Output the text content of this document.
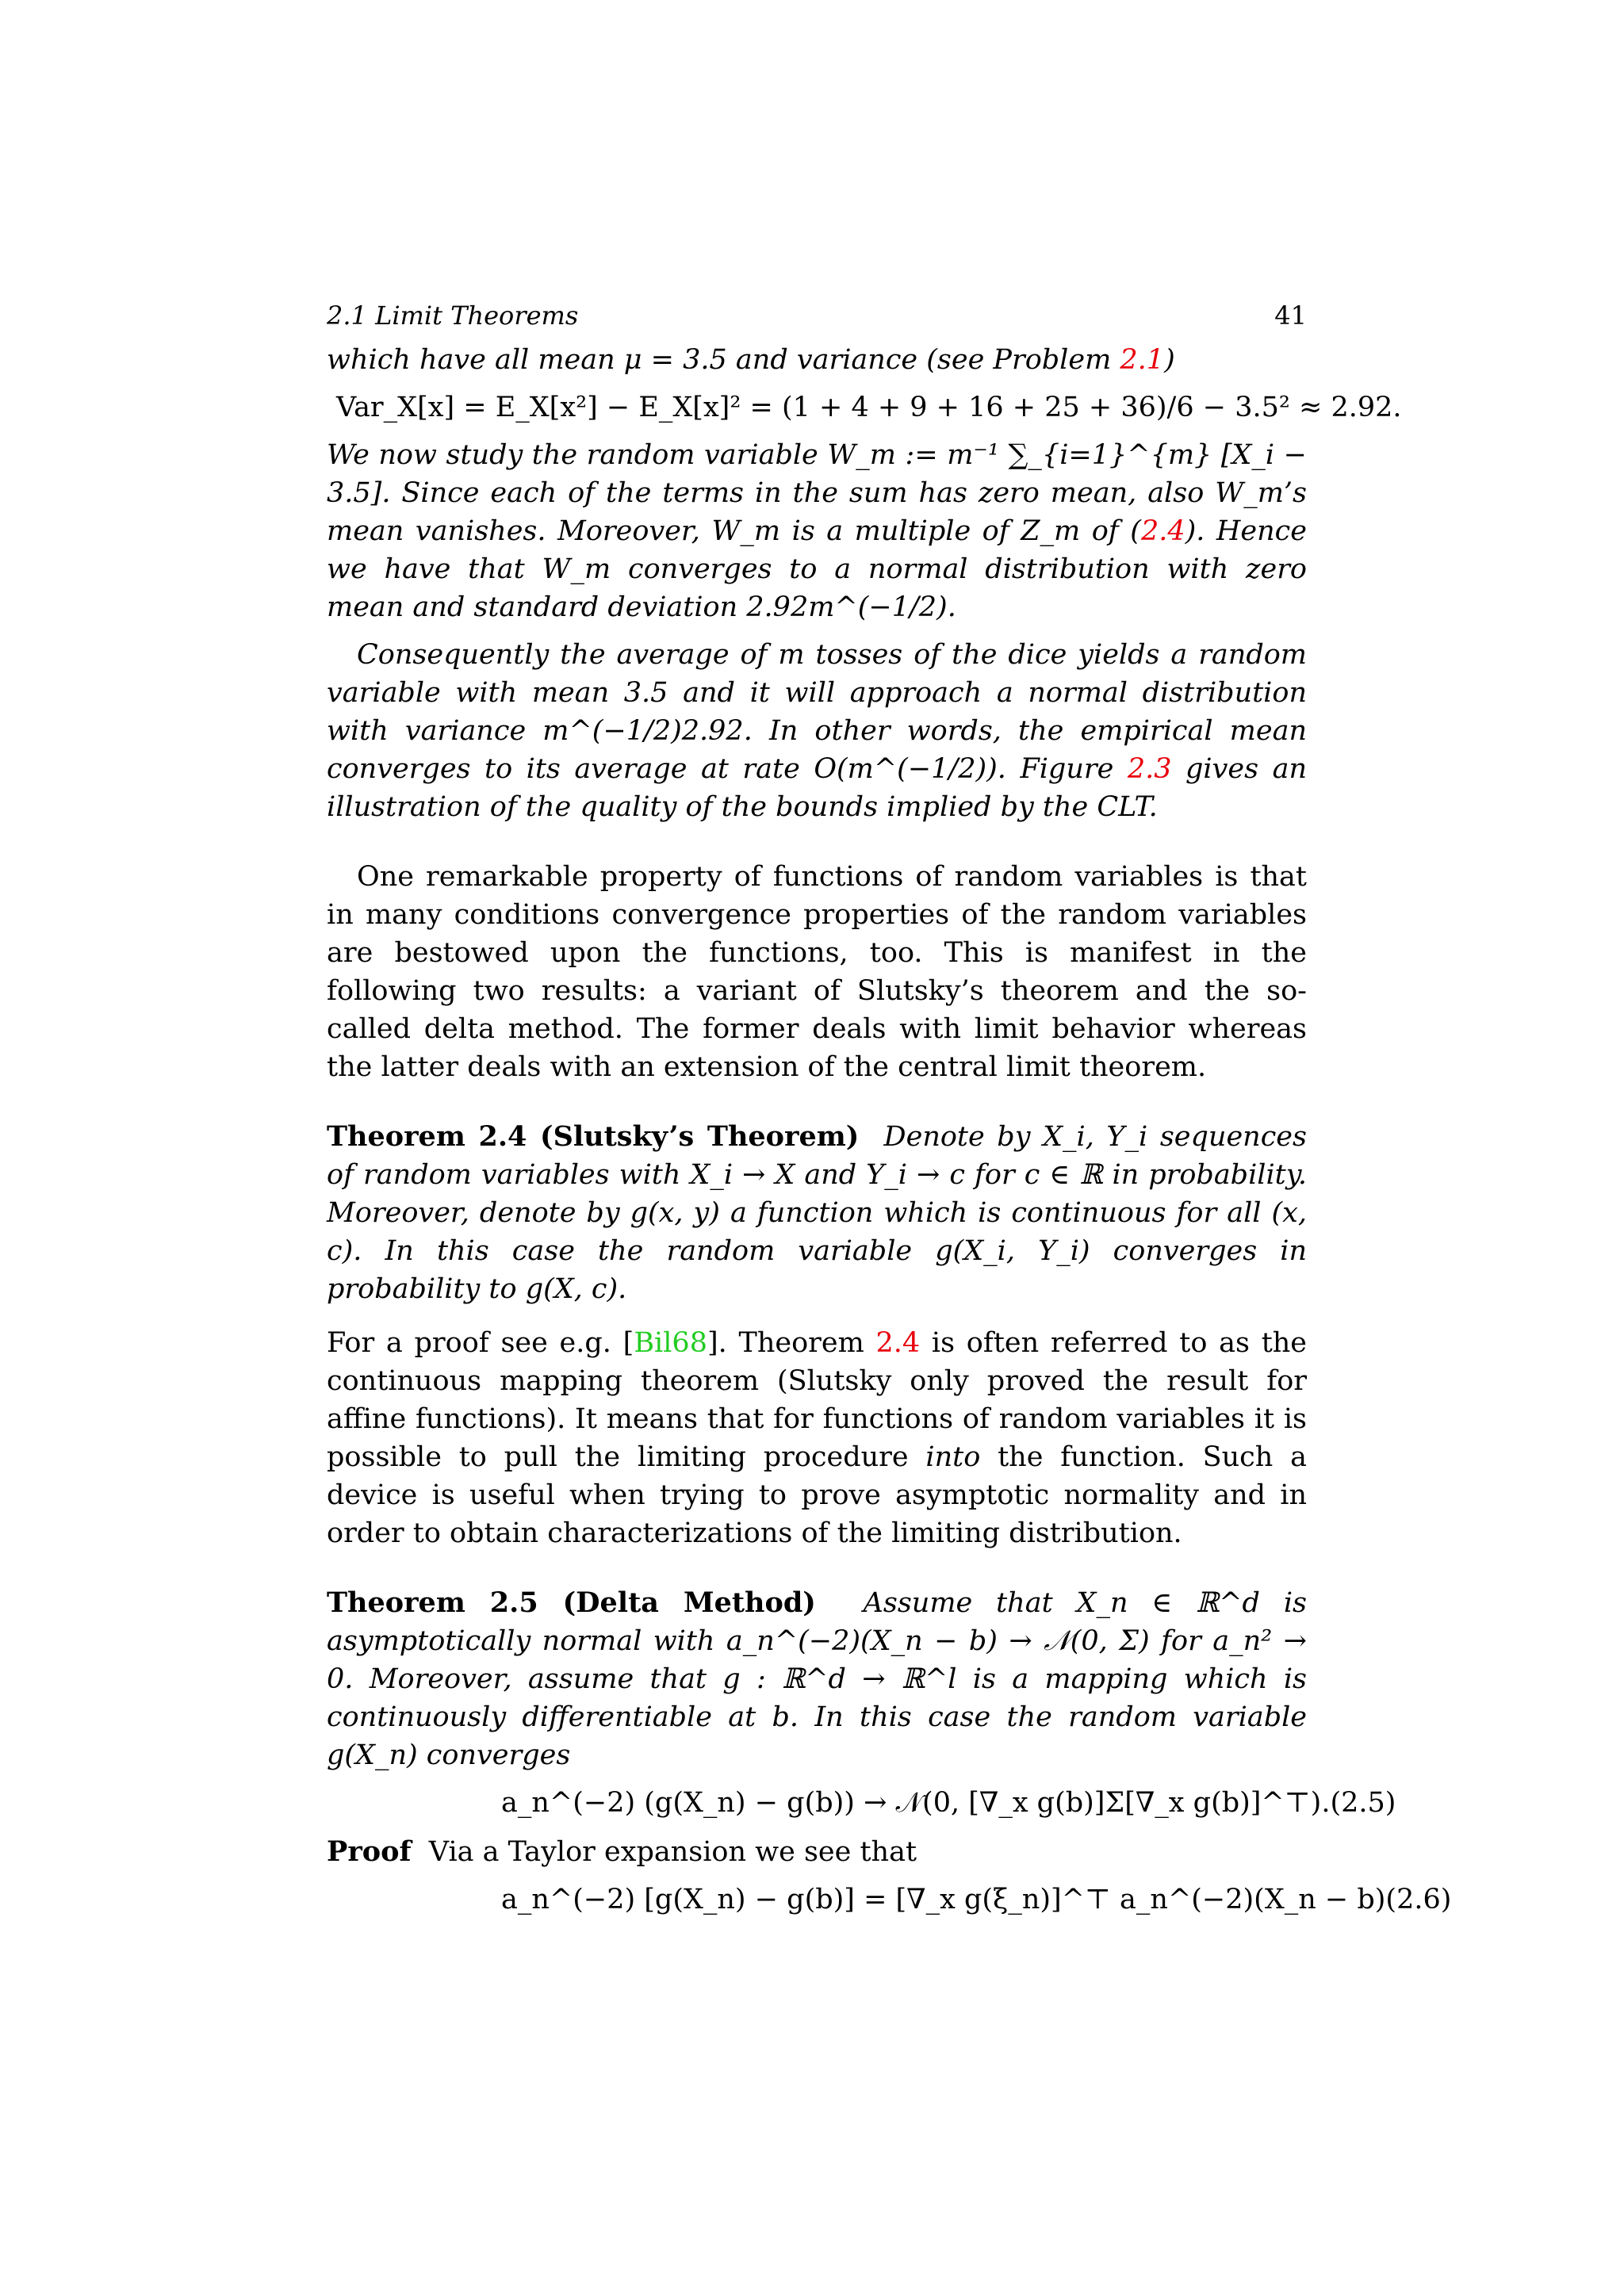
2.1 Limit Theorems	41

which have all mean μ = 3.5 and variance (see Problem 2.1)

Var_X[x] = E_X[x²] − E_X[x]² = (1 + 4 + 9 + 16 + 25 + 36)/6 − 3.5² ≈ 2.92.

We now study the random variable W_m := m⁻¹ ∑_{i=1}^{m} [X_i − 3.5]. Since each of the terms in the sum has zero mean, also W_m’s mean vanishes. Moreover, W_m is a multiple of Z_m of (2.4). Hence we have that W_m converges to a normal distribution with zero mean and standard deviation 2.92m^(−1/2).

Consequently the average of m tosses of the dice yields a random variable with mean 3.5 and it will approach a normal distribution with variance m^(−1/2)2.92. In other words, the empirical mean converges to its average at rate O(m^(−1/2)). Figure 2.3 gives an illustration of the quality of the bounds implied by the CLT.

One remarkable property of functions of random variables is that in many conditions convergence properties of the random variables are bestowed upon the functions, too. This is manifest in the following two results: a variant of Slutsky’s theorem and the so-called delta method. The former deals with limit behavior whereas the latter deals with an extension of the central limit theorem.

Theorem 2.4 (Slutsky’s Theorem) Denote by X_i, Y_i sequences of random variables with X_i → X and Y_i → c for c ∈ ℝ in probability. Moreover, denote by g(x, y) a function which is continuous for all (x, c). In this case the random variable g(X_i, Y_i) converges in probability to g(X, c).

For a proof see e.g. [Bil68]. Theorem 2.4 is often referred to as the continuous mapping theorem (Slutsky only proved the result for affine functions). It means that for functions of random variables it is possible to pull the limiting procedure into the function. Such a device is useful when trying to prove asymptotic normality and in order to obtain characterizations of the limiting distribution.

Theorem 2.5 (Delta Method) Assume that X_n ∈ ℝ^d is asymptotically normal with a_n^(−2)(X_n − b) → 𝒩(0, Σ) for a_n² → 0. Moreover, assume that g : ℝ^d → ℝ^l is a mapping which is continuously differentiable at b. In this case the random variable g(X_n) converges

a_n^(−2) (g(X_n) − g(b)) → 𝒩(0, [∇_x g(b)]Σ[∇_x g(b)]^⊤). (2.5)

Proof Via a Taylor expansion we see that

a_n^(−2) [g(X_n) − g(b)] = [∇_x g(ξ_n)]^⊤ a_n^(−2)(X_n − b) (2.6)
